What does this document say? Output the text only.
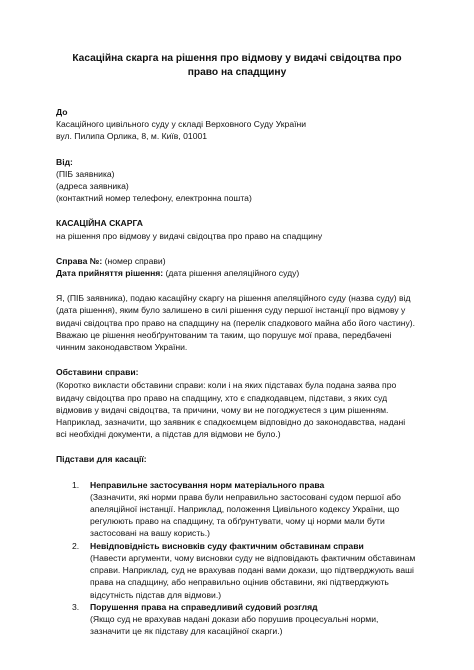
Касаційна скарга на рішення про відмову у видачі свідоцтва про право на спадщину
До
Касаційного цивільного суду у складі Верховного Суду України
вул. Пилипа Орлика, 8, м. Київ, 01001
Від:
(ПІБ заявника)
(адреса заявника)
(контактний номер телефону, електронна пошта)
КАСАЦІЙНА СКАРГА
на рішення про відмову у видачі свідоцтва про право на спадщину
Справа №: (номер справи)
Дата прийняття рішення: (дата рішення апеляційного суду)
Я, (ПІБ заявника), подаю касаційну скаргу на рішення апеляційного суду (назва суду) від (дата рішення), яким було залишено в силі рішення суду першої інстанції про відмову у видачі свідоцтва про право на спадщину на (перелік спадкового майна або його частину). Вважаю це рішення необґрунтованим та таким, що порушує мої права, передбачені чинним законодавством України.
Обставини справи:
(Коротко викласти обставини справи: коли і на яких підставах була подана заява про видачу свідоцтва про право на спадщину, хто є спадкодавцем, підстави, з яких суд відмовив у видачі свідоцтва, та причини, чому ви не погоджуєтеся з цим рішенням. Наприклад, зазначити, що заявник є спадкоємцем відповідно до законодавства, надані всі необхідні документи, а підстав для відмови не було.)
Підстави для касації:
1. Неправильне застосування норм матеріального права
(Зазначити, які норми права були неправильно застосовані судом першої або апеляційної інстанції. Наприклад, положення Цивільного кодексу України, що регулюють право на спадщину, та обґрунтувати, чому ці норми мали бути застосовані на вашу користь.)
2. Невідповідність висновків суду фактичним обставинам справи
(Навести аргументи, чому висновки суду не відповідають фактичним обставинам справи. Наприклад, суд не врахував подані вами докази, що підтверджують ваші права на спадщину, або неправильно оцінив обставини, які підтверджують відсутність підстав для відмови.)
3. Порушення права на справедливий судовий розгляд
(Якщо суд не врахував надані докази або порушив процесуальні норми, зазначити це як підставу для касаційної скарги.)
